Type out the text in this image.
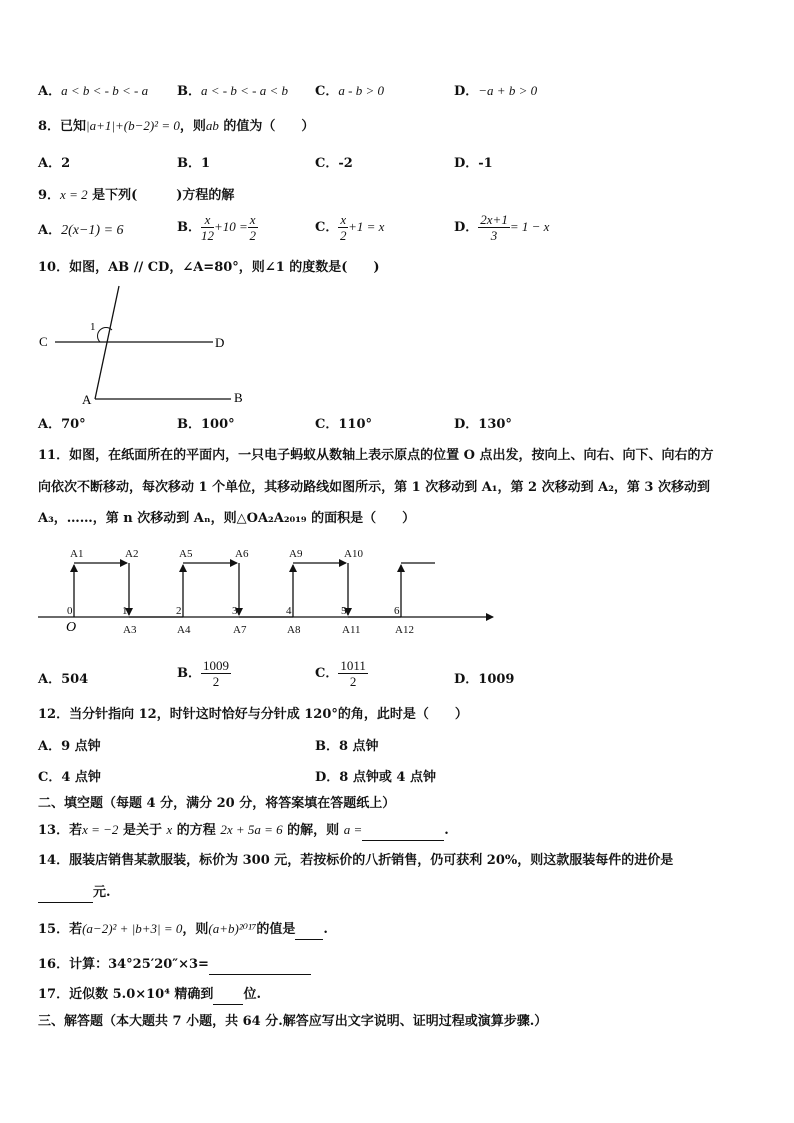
A．a < b < - b < - a B．a < - b < - a < b C．a - b > 0	D．−a + b > 0
8．已知|a+1|+(b−2)² = 0，则ab 的值为（　　）
A．2	B．1	C．-2	D．-1
9．x = 2 是下列(　　　)方程的解
A．2(x−1) = 6	B． $\frac{x}{12} +10 = \frac{x}{2}$	C． $\frac{x}{2} +1 = x$	D． $\frac{2x+1}{3} = 1 - x$
10．如图，AB // CD，∠A=80°，则∠1 的度数是(　　)
C	D
A	B
1
A．70°	B．100°	C．110°	D．130°
11．如图，在纸面所在的平面内，一只电子蚂蚁从数轴上表示原点的位置 O 点出发，按向上、向右、向下、向右的方
向依次不断移动，每次移动 1 个单位，其移动路线如图所示，第 1 次移动到 A₁，第 2 次移动到 A₂，第 3 次移动到
A₃，……，第 n 次移动到 Aₙ，则△OA₂A₂₀₁₉ 的面积是（　　）
0	1	2	3	4	5	6
A1	A2	A5	A6	A9	A10
A3	A4	A7	A8	A11	A12
O
A．504	B． $\frac{1009}{2}$	C． $\frac{1011}{2}$	D．1009
12．当分针指向 12，时针这时恰好与分针成 120°的角，此时是（　　）
A．9 点钟	B．8 点钟
C．4 点钟	D．8 点钟或 4 点钟
二、填空题（每题 4 分，满分 20 分，将答案填在答题纸上）
13．若x = −2 是关于 x 的方程 2x + 5a = 6 的解，则 a =	.
14．服装店销售某款服装，标价为 300 元，若按标价的八折销售，仍可获利 20%，则这款服装每件的进价是
元.
15．若(a−2)² + |b+3| = 0，则(a+b)²⁰¹⁷的值是 .
16．计算：34°25′20″×3=
17．近似数 5.0×10⁴ 精确到 位.
三、解答题（本大题共 7 小题，共 64 分.解答应写出文字说明、证明过程或演算步骤.）
